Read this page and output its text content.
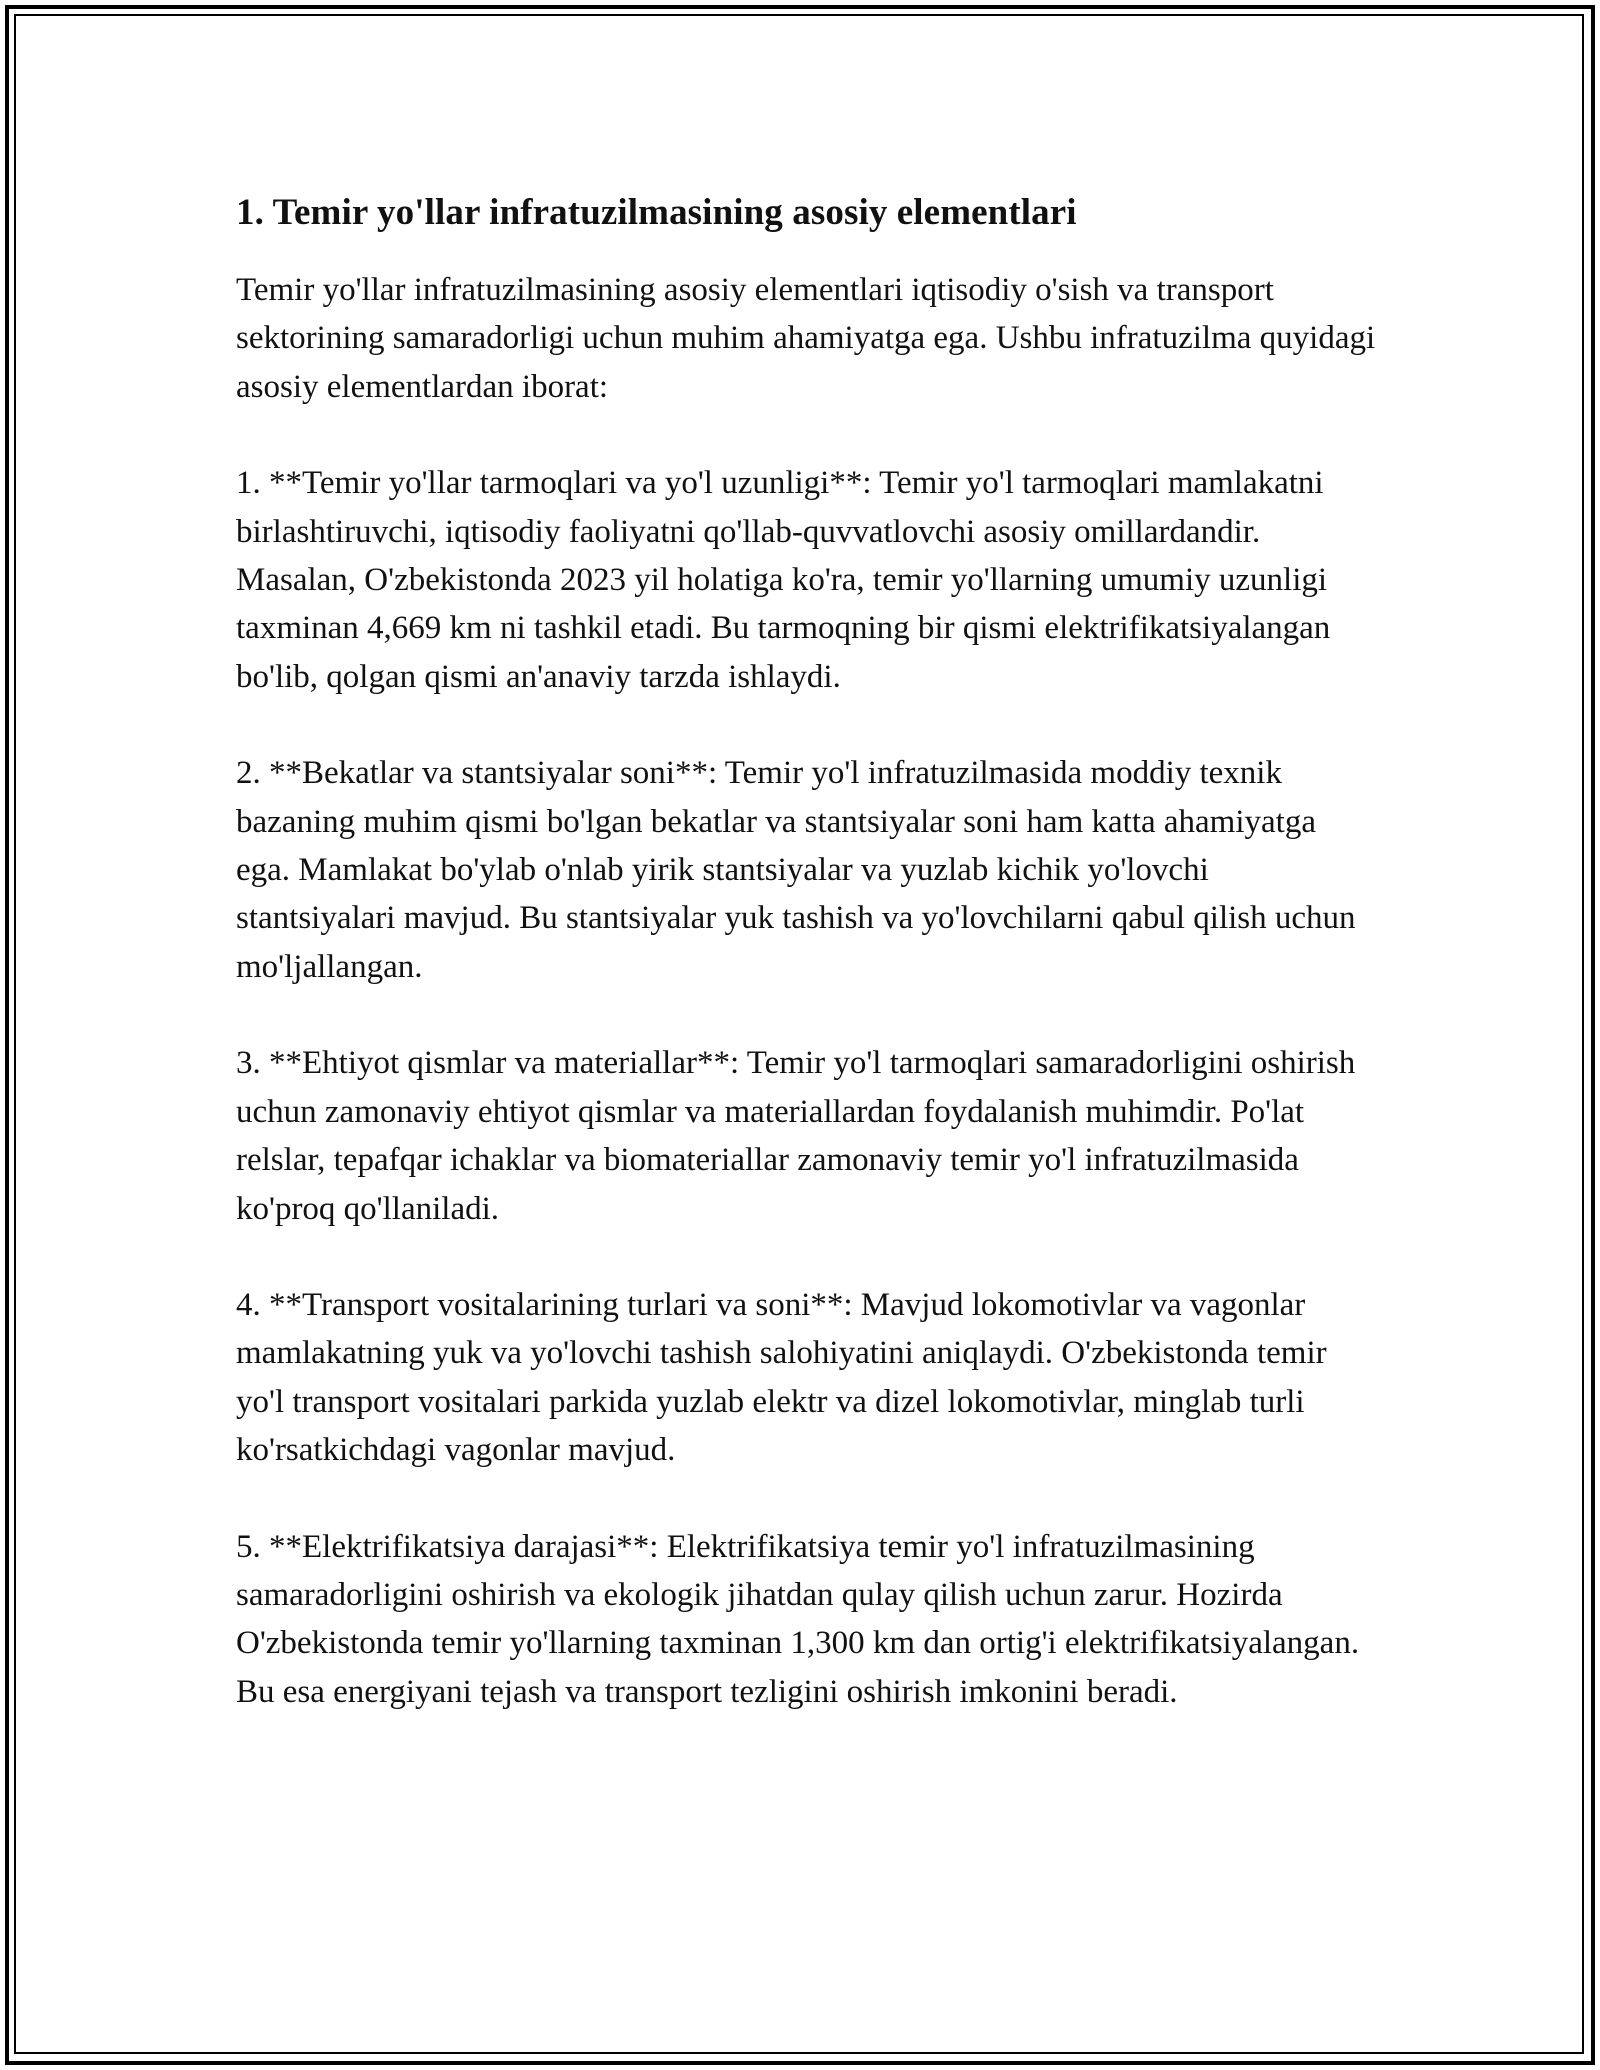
1. Temir yo'llar infratuzilmasining asosiy elementlari

Temir yo'llar infratuzilmasining asosiy elementlari iqtisodiy o'sish va transport sektorining samaradorligi uchun muhim ahamiyatga ega. Ushbu infratuzilma quyidagi asosiy elementlardan iborat:

1. **Temir yo'llar tarmoqlari va yo'l uzunligi**: Temir yo'l tarmoqlari mamlakatni birlashtiruvchi, iqtisodiy faoliyatni qo'llab-quvvatlovchi asosiy omillardandir. Masalan, O'zbekistonda 2023 yil holatiga ko'ra, temir yo'llarning umumiy uzunligi taxminan 4,669 km ni tashkil etadi. Bu tarmoqning bir qismi elektrifikatsiyalangan bo'lib, qolgan qismi an'anaviy tarzda ishlaydi.

2. **Bekatlar va stantsiyalar soni**: Temir yo'l infratuzilmasida moddiy texnik bazaning muhim qismi bo'lgan bekatlar va stantsiyalar soni ham katta ahamiyatga ega. Mamlakat bo'ylab o'nlab yirik stantsiyalar va yuzlab kichik yo'lovchi stantsiyalari mavjud. Bu stantsiyalar yuk tashish va yo'lovchilarni qabul qilish uchun mo'ljallangan.

3. **Ehtiyot qismlar va materiallar**: Temir yo'l tarmoqlari samaradorligini oshirish uchun zamonaviy ehtiyot qismlar va materiallardan foydalanish muhimdir. Po'lat relslar, tepafqar ichaklar va biomateriallar zamonaviy temir yo'l infratuzilmasida ko'proq qo'llaniladi.

4. **Transport vositalarining turlari va soni**: Mavjud lokomotivlar va vagonlar mamlakatning yuk va yo'lovchi tashish salohiyatini aniqlaydi. O'zbekistonda temir yo'l transport vositalari parkida yuzlab elektr va dizel lokomotivlar, minglab turli ko'rsatkichdagi vagonlar mavjud.

5. **Elektrifikatsiya darajasi**: Elektrifikatsiya temir yo'l infratuzilmasining samaradorligini oshirish va ekologik jihatdan qulay qilish uchun zarur. Hozirda O'zbekistonda temir yo'llarning taxminan 1,300 km dan ortig'i elektrifikatsiyalangan. Bu esa energiyani tejash va transport tezligini oshirish imkonini beradi.
